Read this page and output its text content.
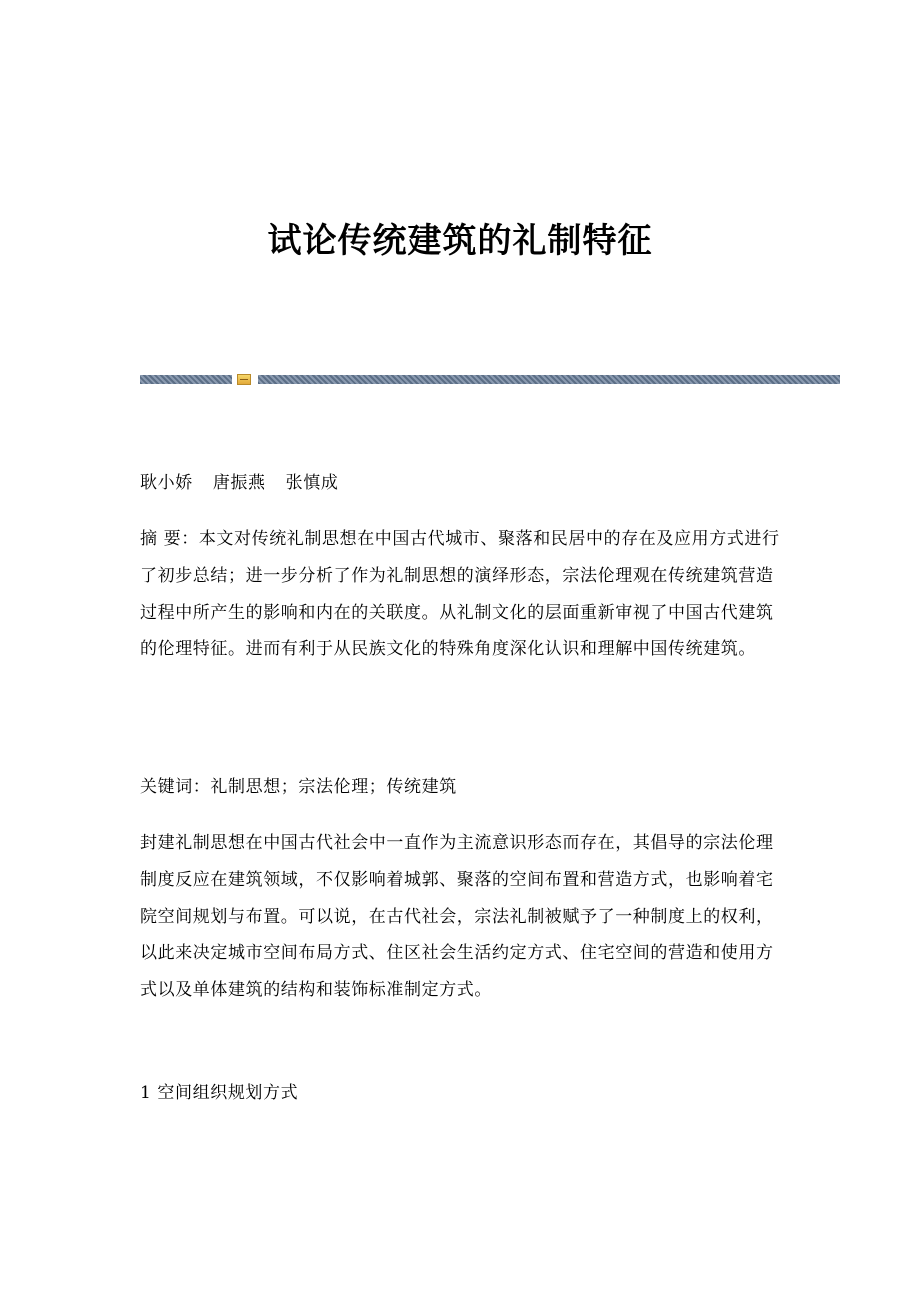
试论传统建筑的礼制特征

耿小娇 唐振燕 张慎成

摘 要：本文对传统礼制思想在中国古代城市、聚落和民居中的存在及应用方式进行了初步总结；进一步分析了作为礼制思想的演绎形态，宗法伦理观在传统建筑营造过程中所产生的影响和内在的关联度。从礼制文化的层面重新审视了中国古代建筑的伦理特征。进而有利于从民族文化的特殊角度深化认识和理解中国传统建筑。

关键词：礼制思想；宗法伦理；传统建筑

封建礼制思想在中国古代社会中一直作为主流意识形态而存在，其倡导的宗法伦理制度反应在建筑领域，不仅影响着城郭、聚落的空间布置和营造方式，也影响着宅院空间规划与布置。可以说，在古代社会，宗法礼制被赋予了一种制度上的权利，以此来决定城市空间布局方式、住区社会生活约定方式、住宅空间的营造和使用方式以及单体建筑的结构和装饰标准制定方式。

1 空间组织规划方式
